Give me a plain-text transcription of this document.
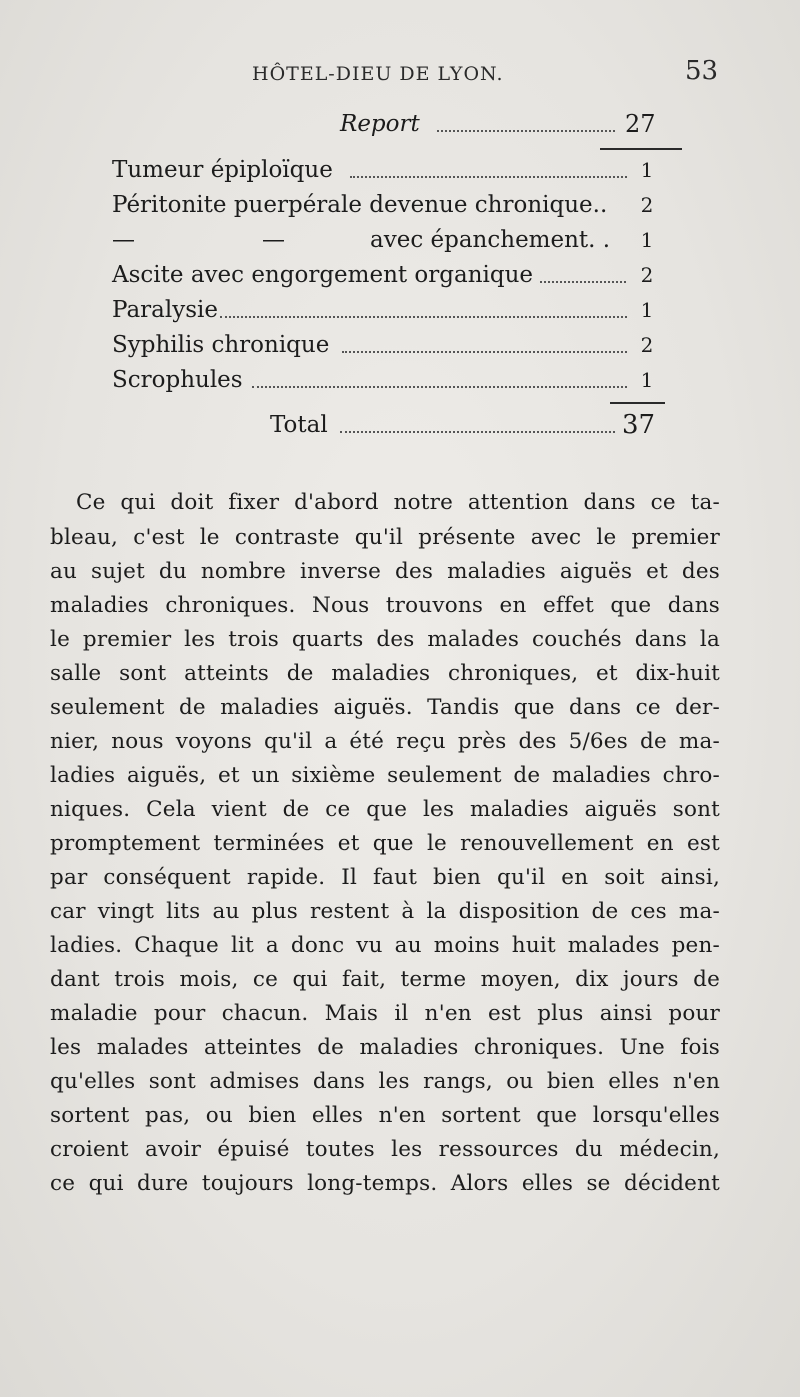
HÔTEL-DIEU DE LYON.	53
Report	27
Tumeur épiploïque	1
Péritonite puerpérale devenue chronique.. 2
—	—	avec épanchement. . 1
Ascite avec engorgement organique	2
Paralysie	1
Syphilis chronique	2
Scrophules	1
Total	37
Ce qui doit fixer d'abord notre attention dans ce ta-
bleau, c'est le contraste qu'il présente avec le premier
au sujet du nombre inverse des maladies aiguës et des
maladies chroniques. Nous trouvons en effet que dans
le premier les trois quarts des malades couchés dans la
salle sont atteints de maladies chroniques, et dix-huit
seulement de maladies aiguës. Tandis que dans ce der-
nier, nous voyons qu'il a été reçu près des 5/6es de ma-
ladies aiguës, et un sixième seulement de maladies chro-
niques. Cela vient de ce que les maladies aiguës sont
promptement terminées et que le renouvellement en est
par conséquent rapide. Il faut bien qu'il en soit ainsi,
car vingt lits au plus restent à la disposition de ces ma-
ladies. Chaque lit a donc vu au moins huit malades pen-
dant trois mois, ce qui fait, terme moyen, dix jours de
maladie pour chacun. Mais il n'en est plus ainsi pour
les malades atteintes de maladies chroniques. Une fois
qu'elles sont admises dans les rangs, ou bien elles n'en
sortent pas, ou bien elles n'en sortent que lorsqu'elles
croient avoir épuisé toutes les ressources du médecin,
ce qui dure toujours long-temps. Alors elles se décident
